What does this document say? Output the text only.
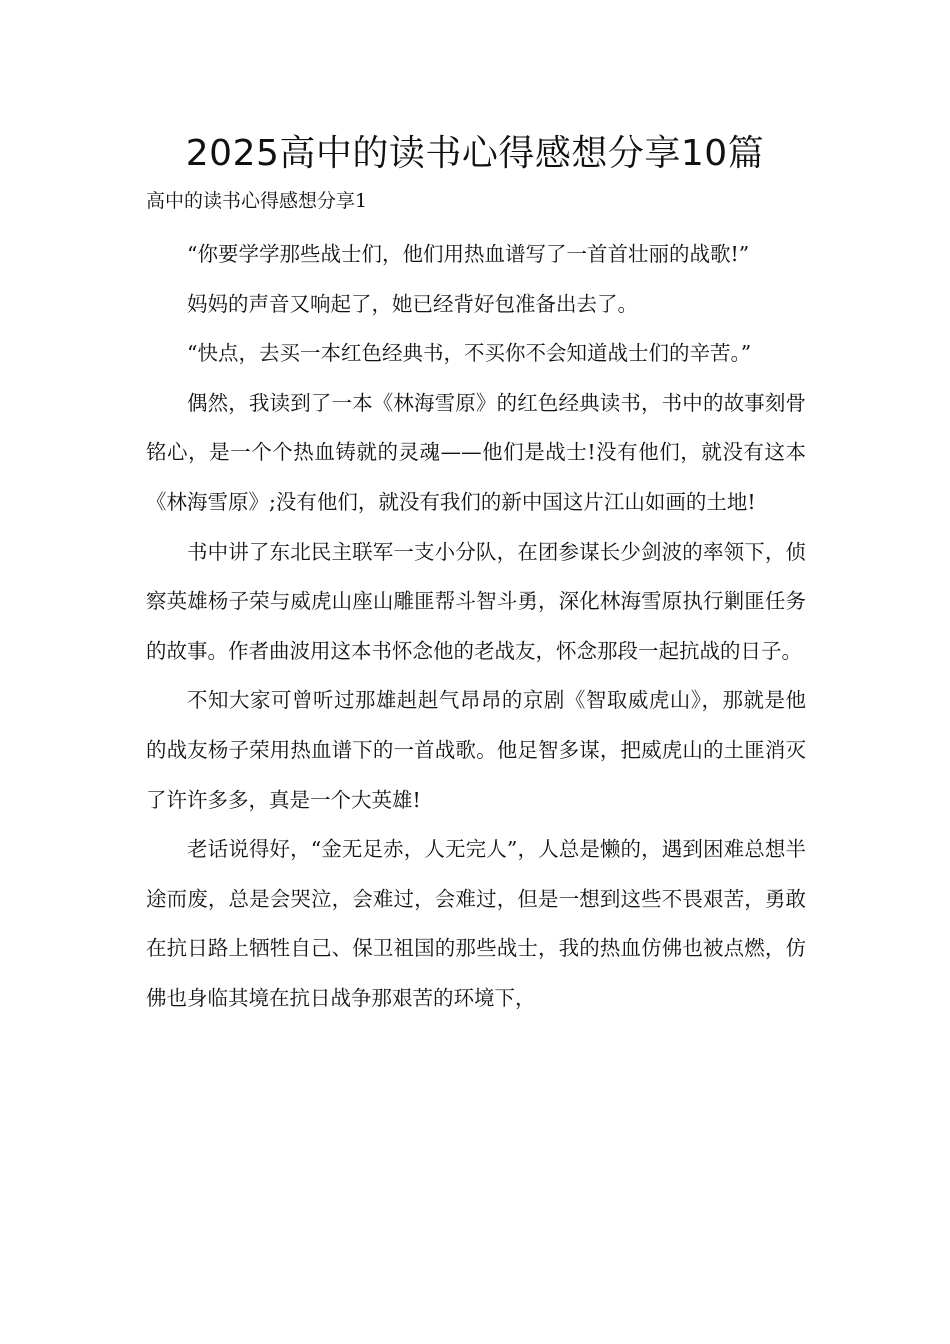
2025高中的读书心得感想分享10篇
高中的读书心得感想分享1

“你要学学那些战士们，他们用热血谱写了一首首壮丽的战歌!”

妈妈的声音又响起了，她已经背好包准备出去了。

“快点，去买一本红色经典书，不买你不会知道战士们的辛苦。”

偶然，我读到了一本《林海雪原》的红色经典读书，书中的故事刻骨铭心，是一个个热血铸就的灵魂——他们是战士!没有他们，就没有这本《林海雪原》;没有他们，就没有我们的新中国这片江山如画的土地!

书中讲了东北民主联军一支小分队，在团参谋长少剑波的率领下，侦察英雄杨子荣与威虎山座山雕匪帮斗智斗勇，深化林海雪原执行剿匪任务的故事。作者曲波用这本书怀念他的老战友，怀念那段一起抗战的日子。

不知大家可曾听过那雄赳赳气昂昂的京剧《智取威虎山》，那就是他的战友杨子荣用热血谱下的一首战歌。他足智多谋，把威虎山的土匪消灭了许许多多，真是一个大英雄!

老话说得好，“金无足赤，人无完人”，人总是懒的，遇到困难总想半途而废，总是会哭泣，会难过，会难过，但是一想到这些不畏艰苦，勇敢在抗日路上牺牲自己、保卫祖国的那些战士，我的热血仿佛也被点燃，仿佛也身临其境在抗日战争那艰苦的环境下，
